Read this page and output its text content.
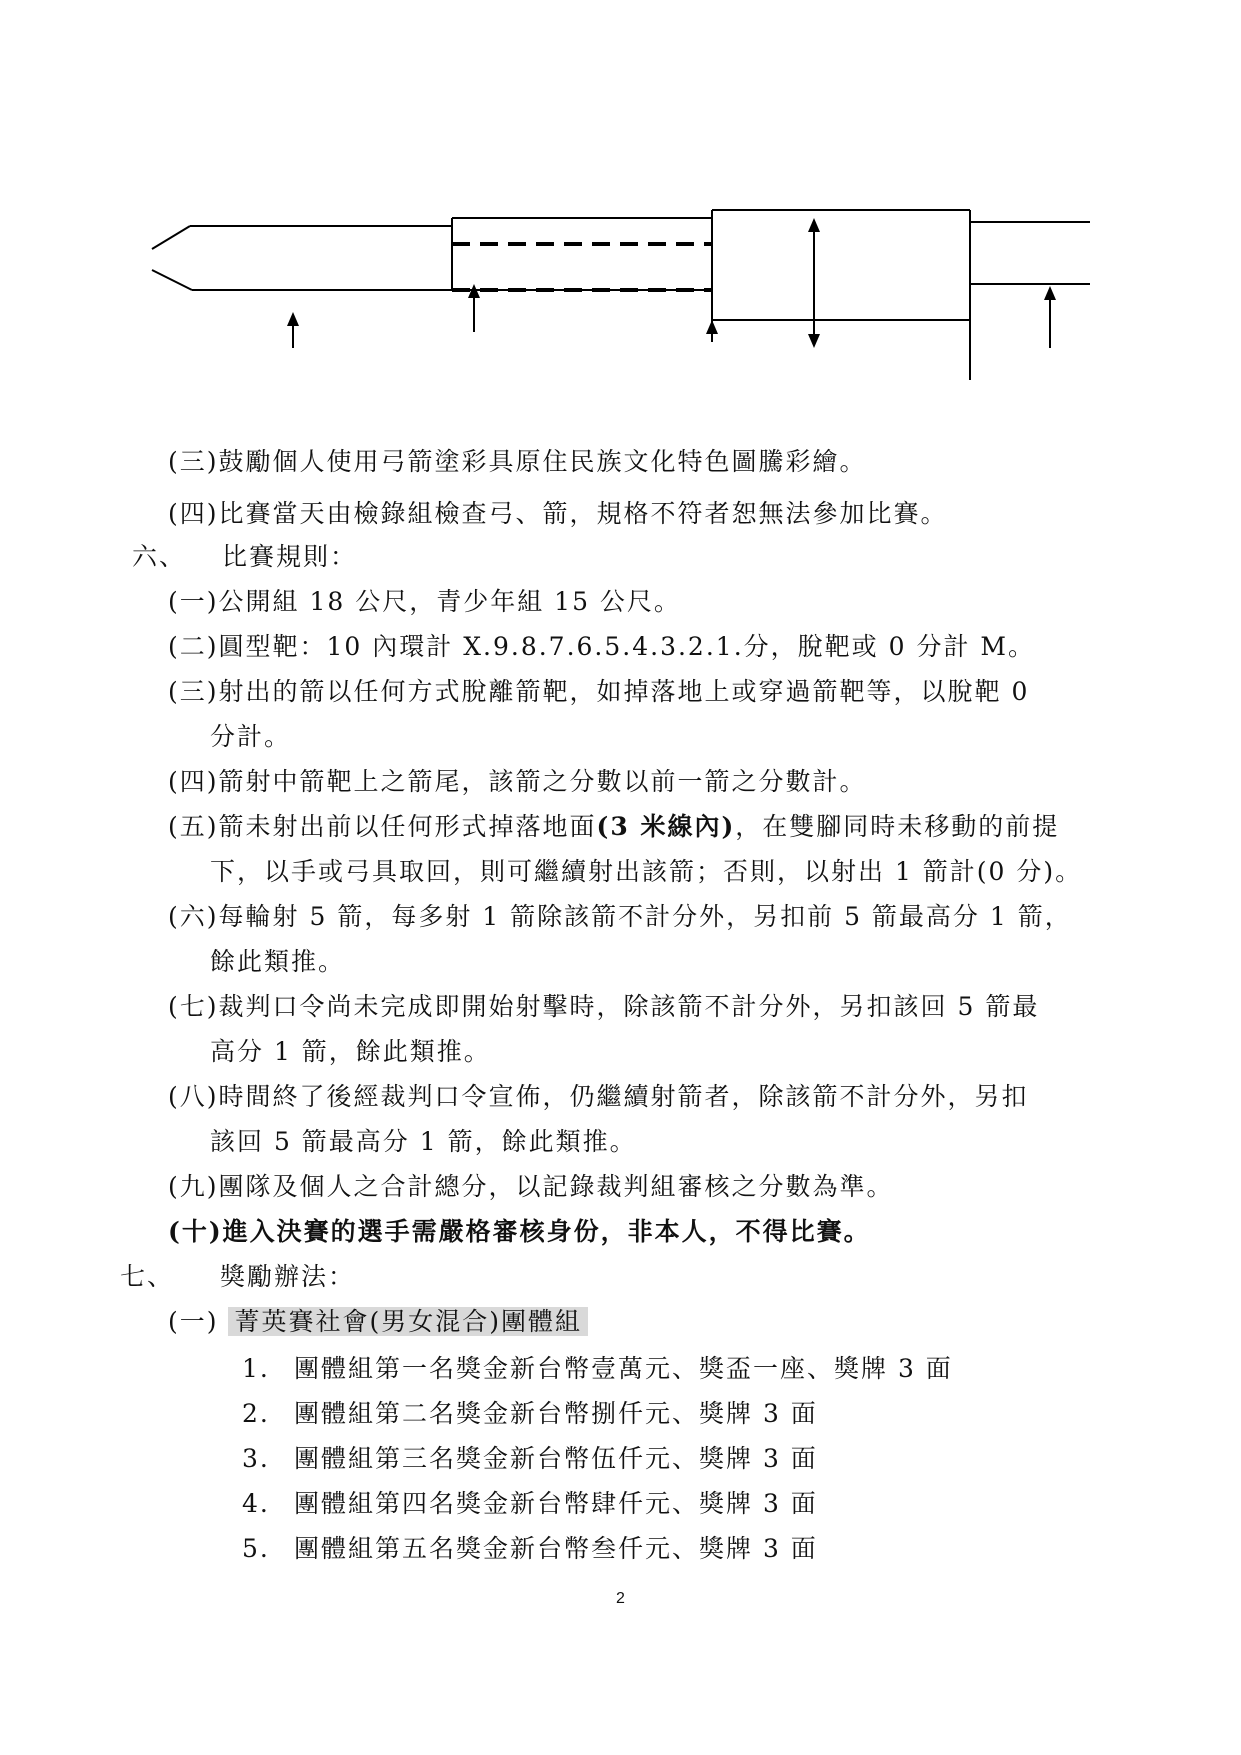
(三)鼓勵個人使用弓箭塗彩具原住民族文化特色圖騰彩繪。
(四)比賽當天由檢錄組檢查弓、箭，規格不符者恕無法參加比賽。
六、 比賽規則：
(一)公開組 18 公尺，青少年組 15 公尺。
(二)圓型靶：10 內環計 X.9.8.7.6.5.4.3.2.1.分，脫靶或 0 分計 M。
(三)射出的箭以任何方式脫離箭靶，如掉落地上或穿過箭靶等，以脫靶 0
分計。
(四)箭射中箭靶上之箭尾，該箭之分數以前一箭之分數計。
(五)箭未射出前以任何形式掉落地面(3 米線內)，在雙腳同時未移動的前提
下，以手或弓具取回，則可繼續射出該箭；否則，以射出 1 箭計(0 分)。
(六)每輪射 5 箭，每多射 1 箭除該箭不計分外，另扣前 5 箭最高分 1 箭，
餘此類推。
(七)裁判口令尚未完成即開始射擊時，除該箭不計分外，另扣該回 5 箭最
高分 1 箭，餘此類推。
(八)時間終了後經裁判口令宣佈，仍繼續射箭者，除該箭不計分外，另扣
該回 5 箭最高分 1 箭，餘此類推。
(九)團隊及個人之合計總分，以記錄裁判組審核之分數為準。
(十)進入決賽的選手需嚴格審核身份，非本人，不得比賽。
七、 獎勵辦法：
(一) 菁英賽社會(男女混合)團體組
1. 團體組第一名獎金新台幣壹萬元、獎盃一座、獎牌 3 面
2. 團體組第二名獎金新台幣捌仟元、獎牌 3 面
3. 團體組第三名獎金新台幣伍仟元、獎牌 3 面
4. 團體組第四名獎金新台幣肆仟元、獎牌 3 面
5. 團體組第五名獎金新台幣叁仟元、獎牌 3 面
2
